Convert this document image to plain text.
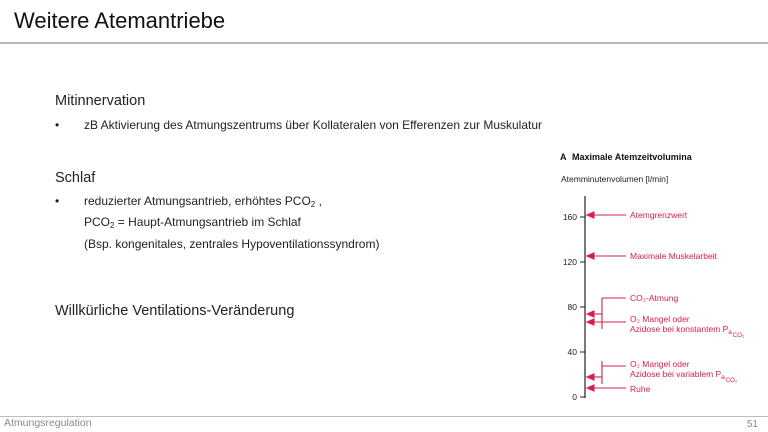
Weitere Atemantriebe
Mitinnervation
• zB Aktivierung des Atmungszentrums über Kollateralen von Efferenzen zur Muskulatur
Schlaf
• reduzierter Atmungsantrieb, erhöhtes $PCO_2$ ,
$PCO_2$ = Haupt-Atmungsantrieb im Schlaf
(Bsp. kongenitales, zentrales Hypoventilationssyndrom)
Willkürliche Ventilations-Veränderung
A Maximale Atemzeitvolumina
Atemminutenvolumen [l/min]
160
120
80
40
0
Atemgrenzwert
Maximale Muskelarbeit
CO₂-Atmung
O₂ Mangel oder
Azidose bei konstantem $P_{aCO_2}$
O₂ Mangel oder
Azidose bei variablem $P_{aCO_2}$
Ruhe
Atmungsregulation	51
